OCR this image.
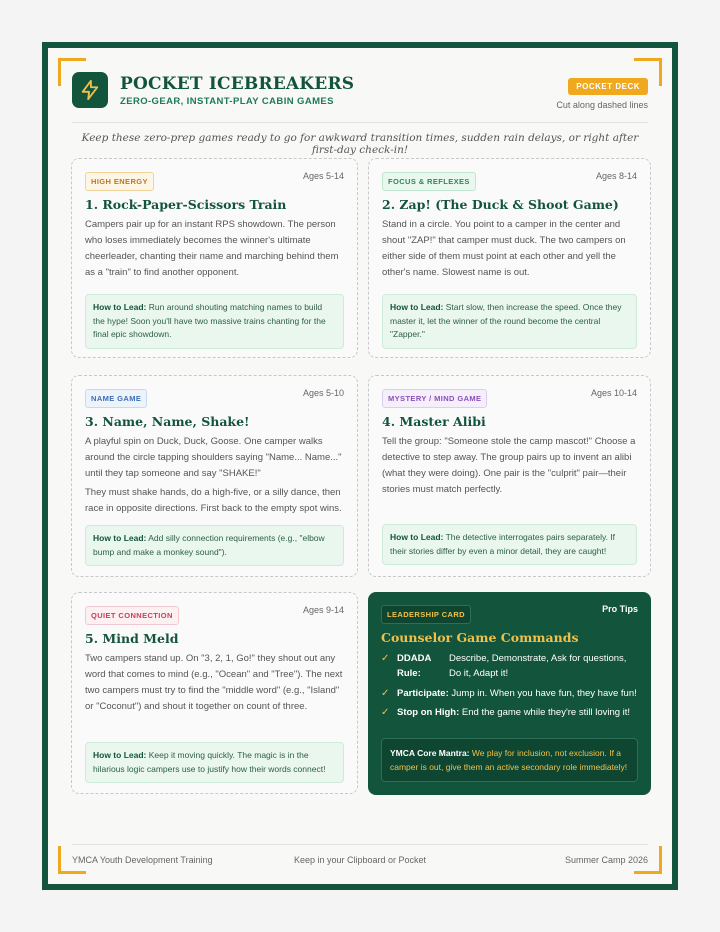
POCKET ICEBREAKERS
ZERO-GEAR, INSTANT-PLAY CABIN GAMES
POCKET DECK
Cut along dashed lines
Keep these zero-prep games ready to go for awkward transition times, sudden rain delays, or right after first-day check-in!
HIGH ENERGY
Ages 5-14
1. Rock-Paper-Scissors Train

Campers pair up for an instant RPS showdown. The person who loses immediately becomes the winner's ultimate cheerleader, chanting their name and marching behind them as a "train" to find another opponent.

How to Lead: Run around shouting matching names to build the hype! Soon you'll have two massive trains chanting for the final epic showdown.
FOCUS & REFLEXES
Ages 8-14
2. Zap! (The Duck & Shoot Game)

Stand in a circle. You point to a camper in the center and shout "ZAP!" that camper must duck. The two campers on either side of them must point at each other and yell the other's name. Slowest name is out.

How to Lead: Start slow, then increase the speed. Once they master it, let the winner of the round become the central "Zapper."
NAME GAME
Ages 5-10
3. Name, Name, Shake!

A playful spin on Duck, Duck, Goose. One camper walks around the circle tapping shoulders saying "Name... Name..." until they tap someone and say "SHAKE!"

They must shake hands, do a high-five, or a silly dance, then race in opposite directions. First back to the empty spot wins.

How to Lead: Add silly connection requirements (e.g., "elbow bump and make a monkey sound").
MYSTERY / MIND GAME
Ages 10-14
4. Master Alibi

Tell the group: "Someone stole the camp mascot!" Choose a detective to step away. The group pairs up to invent an alibi (what they were doing). One pair is the "culprit" pair—their stories must match perfectly.

How to Lead: The detective interrogates pairs separately. If their stories differ by even a minor detail, they are caught!
QUIET CONNECTION
Ages 9-14
5. Mind Meld

Two campers stand up. On "3, 2, 1, Go!" they shout out any word that comes to mind (e.g., "Ocean" and "Tree"). The next two campers must try to find the "middle word" (e.g., "Island" or "Coconut") and shout it together on count of three.

How to Lead: Keep it moving quickly. The magic is in the hilarious logic campers use to justify how their words connect!
LEADERSHIP CARD
Pro Tips
Counselor Game Commands
✓ DDADA
Rule:
Describe, Demonstrate, Ask for questions,
Do it, Adapt it!
✓ Participate: Jump in. When you have fun, they have fun!
✓ Stop on High: End the game while they're still loving it!
YMCA Core Mantra: We play for inclusion, not exclusion. If a camper is out, give them an active secondary role immediately!
YMCA Youth Development Training	Keep in your Clipboard or Pocket	Summer Camp 2026
